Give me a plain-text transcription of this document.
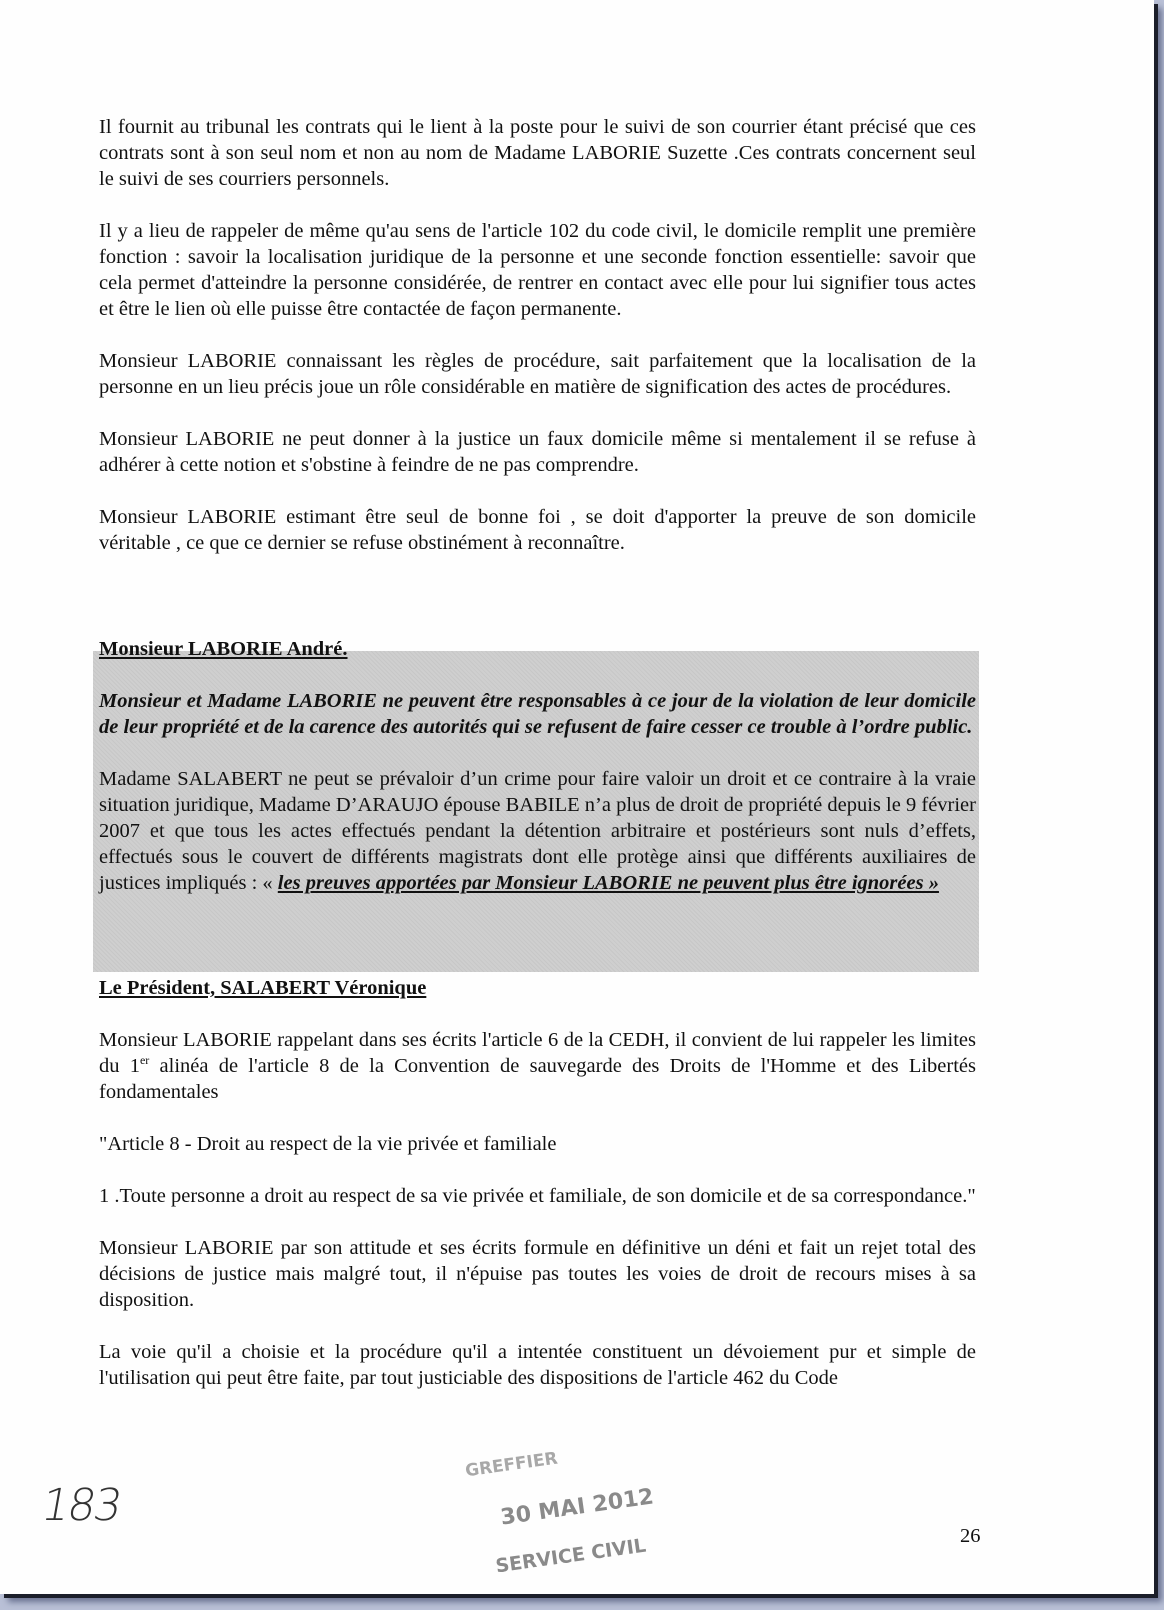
Il fournit au tribunal les contrats qui le lient à la poste pour le suivi de son courrier étant précisé que ces contrats sont à son seul nom et non au nom de Madame LABORIE Suzette .Ces contrats concernent seul le suivi de ses courriers personnels.

Il y a lieu de rappeler de même qu'au sens de l'article 102 du code civil, le domicile remplit une première fonction : savoir la localisation juridique de la personne et une seconde fonction essentielle: savoir que cela permet d'atteindre la personne considérée, de rentrer en contact avec elle pour lui signifier tous actes et être le lien où elle puisse être contactée de façon permanente.

Monsieur LABORIE connaissant les règles de procédure, sait parfaitement que la localisation de la personne en un lieu précis joue un rôle considérable en matière de signification des actes de procédures.

Monsieur LABORIE ne peut donner à la justice un faux domicile même si mentalement il se refuse à adhérer à cette notion et s'obstine à feindre de ne pas comprendre.

Monsieur LABORIE estimant être seul de bonne foi , se doit d'apporter la preuve de son domicile véritable , ce que ce dernier se refuse obstinément à reconnaître.

Monsieur LABORIE André.

Monsieur et Madame LABORIE ne peuvent être responsables à ce jour de la violation de leur domicile de leur propriété et de la carence des autorités qui se refusent de faire cesser ce trouble à l’ordre public.

Madame SALABERT ne peut se prévaloir d’un crime pour faire valoir un droit et ce contraire à la vraie situation juridique, Madame D’ARAUJO épouse BABILE n’a plus de droit de propriété depuis le 9 février 2007 et que tous les actes effectués pendant la détention arbitraire et postérieurs sont nuls d’effets, effectués sous le couvert de différents magistrats dont elle protège ainsi que différents auxiliaires de justices impliqués : « les preuves apportées par Monsieur LABORIE ne peuvent plus être ignorées »

Le Président, SALABERT Véronique

Monsieur LABORIE rappelant dans ses écrits l'article 6 de la CEDH, il convient de lui rappeler les limites du 1er alinéa de l'article 8 de la Convention de sauvegarde des Droits de l'Homme et des Libertés fondamentales

"Article 8 - Droit au respect de la vie privée et familiale

1 .Toute personne a droit au respect de sa vie privée et familiale, de son domicile et de sa correspondance."

Monsieur LABORIE par son attitude et ses écrits formule en définitive un déni et fait un rejet total des décisions de justice mais malgré tout, il n'épuise pas toutes les voies de droit de recours mises à sa disposition.

La voie qu'il a choisie et la procédure qu'il a intentée constituent un dévoiement pur et simple de l'utilisation qui peut être faite, par tout justiciable des dispositions de l'article 462 du Code

183
GREFFIER
30 MAI 2012
SERVICE CIVIL	26
